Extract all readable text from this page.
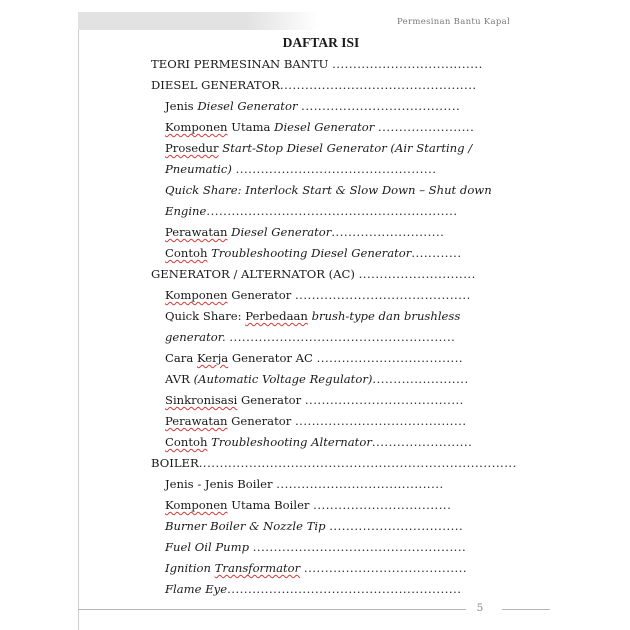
Permesinan Bantu Kapal
DAFTAR ISI
TEORI PERMESINAN BANTU ....................................
DIESEL GENERATOR...............................................
Jenis Diesel Generator ......................................
Komponen Utama Diesel Generator .......................
Prosedur Start-Stop Diesel Generator (Air Starting /
Pneumatic) ................................................
Quick Share: Interlock Start & Slow Down – Shut down
Engine............................................................
Perawatan Diesel Generator...........................
Contoh Troubleshooting Diesel Generator............
GENERATOR / ALTERNATOR (AC) ............................
Komponen Generator ..........................................
Quick Share: Perbedaan brush-type dan brushless
generator. ......................................................
Cara Kerja Generator AC ...................................
AVR (Automatic Voltage Regulator).......................
Sinkronisasi Generator ......................................
Perawatan Generator .........................................
Contoh Troubleshooting Alternator........................
BOILER............................................................................
Jenis - Jenis Boiler ........................................
Komponen Utama Boiler .................................
Burner Boiler & Nozzle Tip ................................
Fuel Oil Pump ...................................................
Ignition Transformator .......................................
Flame Eye........................................................
5
